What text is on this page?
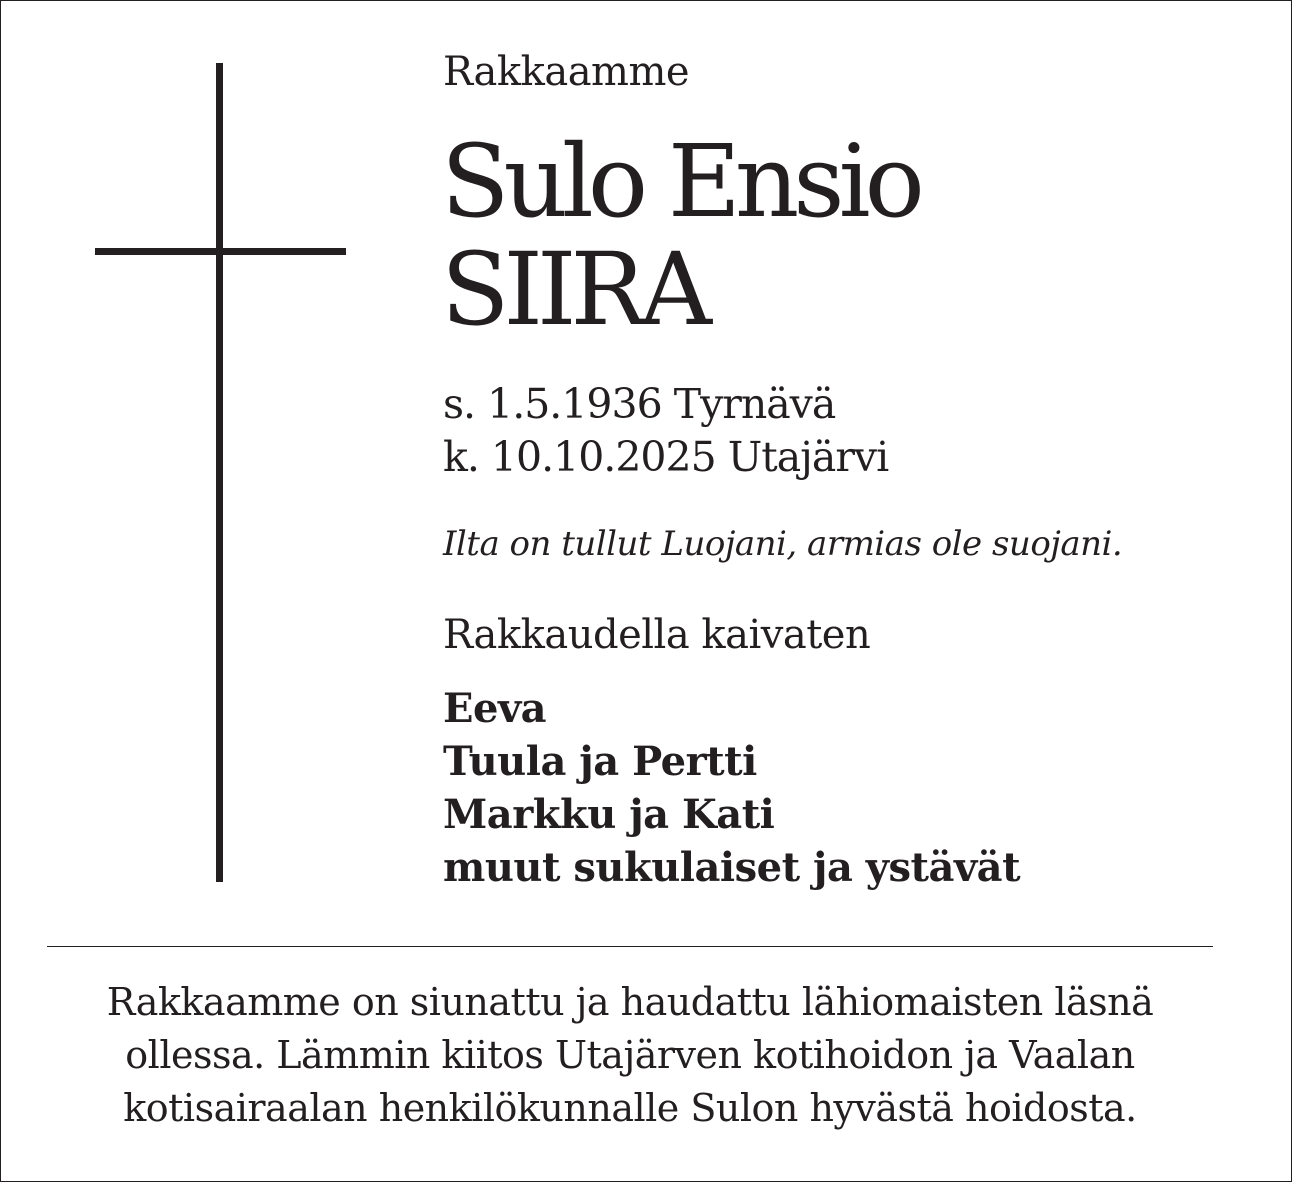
Rakkaamme
Sulo Ensio
SIIRA
s. 1.5.1936 Tyrnävä
k. 10.10.2025 Utajärvi
Ilta on tullut Luojani, armias ole suojani.
Rakkaudella kaivaten
Eeva
Tuula ja Pertti
Markku ja Kati
muut sukulaiset ja ystävät
Rakkaamme on siunattu ja haudattu lähiomaisten läsnä
ollessa. Lämmin kiitos Utajärven kotihoidon ja Vaalan
kotisairaalan henkilökunnalle Sulon hyvästä hoidosta.
